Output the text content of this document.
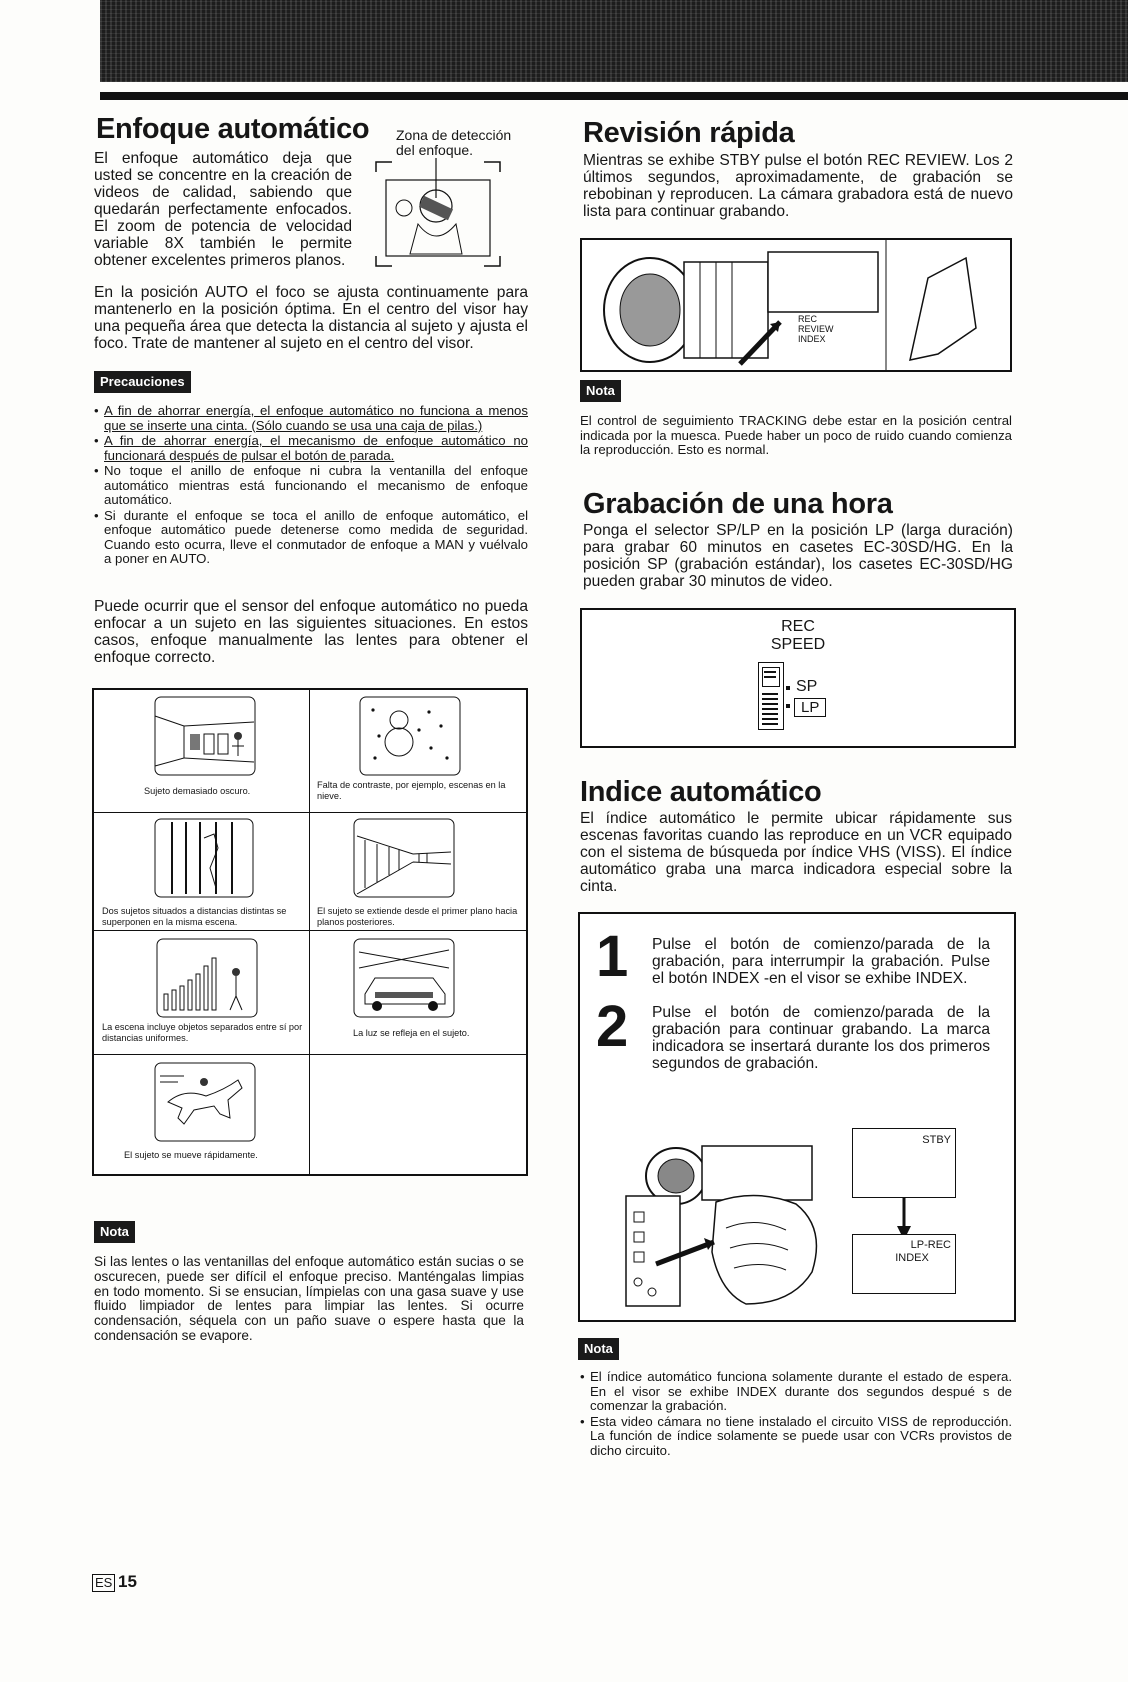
Enfoque automático

El enfoque automático deja que usted se concentre en la creación de videos de calidad, sabiendo que quedarán perfectamente enfocados. El zoom de potencia de velocidad variable 8X también le permite obtener excelentes primeros planos.

Zona de detección del enfoque.

En la posición AUTO el foco se ajusta continuamente para mantenerlo en la posición óptima. En el centro del visor hay una pequeña área que detecta la distancia al sujeto y ajusta el foco. Trate de mantener al sujeto en el centro del visor.

Precauciones
• A fin de ahorrar energía, el enfoque automático no funciona a menos que se inserte una cinta. (Sólo cuando se usa una caja de pilas.)
• A fin de ahorrar energía, el mecanismo de enfoque automático no funcionará después de pulsar el botón de parada.
• No toque el anillo de enfoque ni cubra la ventanilla del enfoque automático mientras está funcionando el mecanismo de enfoque automático.
• Si durante el enfoque se toca el anillo de enfoque automático, el enfoque automático puede detenerse como medida de seguridad. Cuando esto ocurra, lleve el conmutador de enfoque a MAN y vuélvalo a poner en AUTO.

Puede ocurrir que el sensor del enfoque automático no pueda enfocar a un sujeto en las siguientes situaciones. En estos casos, enfoque manualmente las lentes para obtener el enfoque correcto.

Sujeto demasiado oscuro.
Falta de contraste, por ejemplo, escenas en la nieve.
Dos sujetos situados a distancias distintas se superponen en la misma escena.
El sujeto se extiende desde el primer plano hacia planos posteriores.
La escena incluye objetos separados entre sí por distancias uniformes.	La luz se refleja en el sujeto.
El sujeto se mueve rápidamente.
Nota

Si las lentes o las ventanillas del enfoque automático están sucias o se oscurecen, puede ser difícil el enfoque preciso. Manténgalas limpias en todo momento. Si se ensucian, límpielas con una gasa suave y use fluido limpiador de lentes para limpiar las lentes. Si ocurre condensación, séquela con un paño suave o espere hasta que la condensación se evapore.

ES 15
Revisión rápida

Mientras se exhibe STBY pulse el botón REC REVIEW. Los 2 últimos segundos, aproximadamente, de grabación se rebobinan y reproducen. La cámara grabadora está de nuevo lista para continuar grabando.

REC
REVIEW
INDEX
Nota

El control de seguimiento TRACKING debe estar en la posición central indicada por la muesca. Puede haber un poco de ruido cuando comienza la reproducción. Esto es normal.

Grabación de una hora

Ponga el selector SP/LP en la posición LP (larga duración) para grabar 60 minutos en casetes EC-30SD/HG. En la posición SP (grabación estándar), los casetes EC-30SD/HG pueden grabar 30 minutos de video.

REC
SPEED
SP
LP
Indice automático

El índice automático le permite ubicar rápidamente sus escenas favoritas cuando las reproduce en un VCR equipado con el sistema de búsqueda por índice VHS (VISS). El índice automático graba una marca indicadora especial sobre la cinta.

1 Pulse el botón de comienzo/parada de la grabación, para interrumpir la grabación. Pulse el botón INDEX -en el visor se exhibe INDEX.

2 Pulse el botón de comienzo/parada de la grabación para continuar grabando. La marca indicadora se insertará durante los dos primeros segundos de grabación.

STBY
LP-REC
INDEX
Nota
• El índice automático funciona solamente durante el estado de espera. En el visor se exhibe INDEX durante dos segundos despué s de comenzar la grabación.
• Esta video cámara no tiene instalado el circuito VISS de reproducción. La función de índice solamente se puede usar con VCRs provistos de dicho circuito.
